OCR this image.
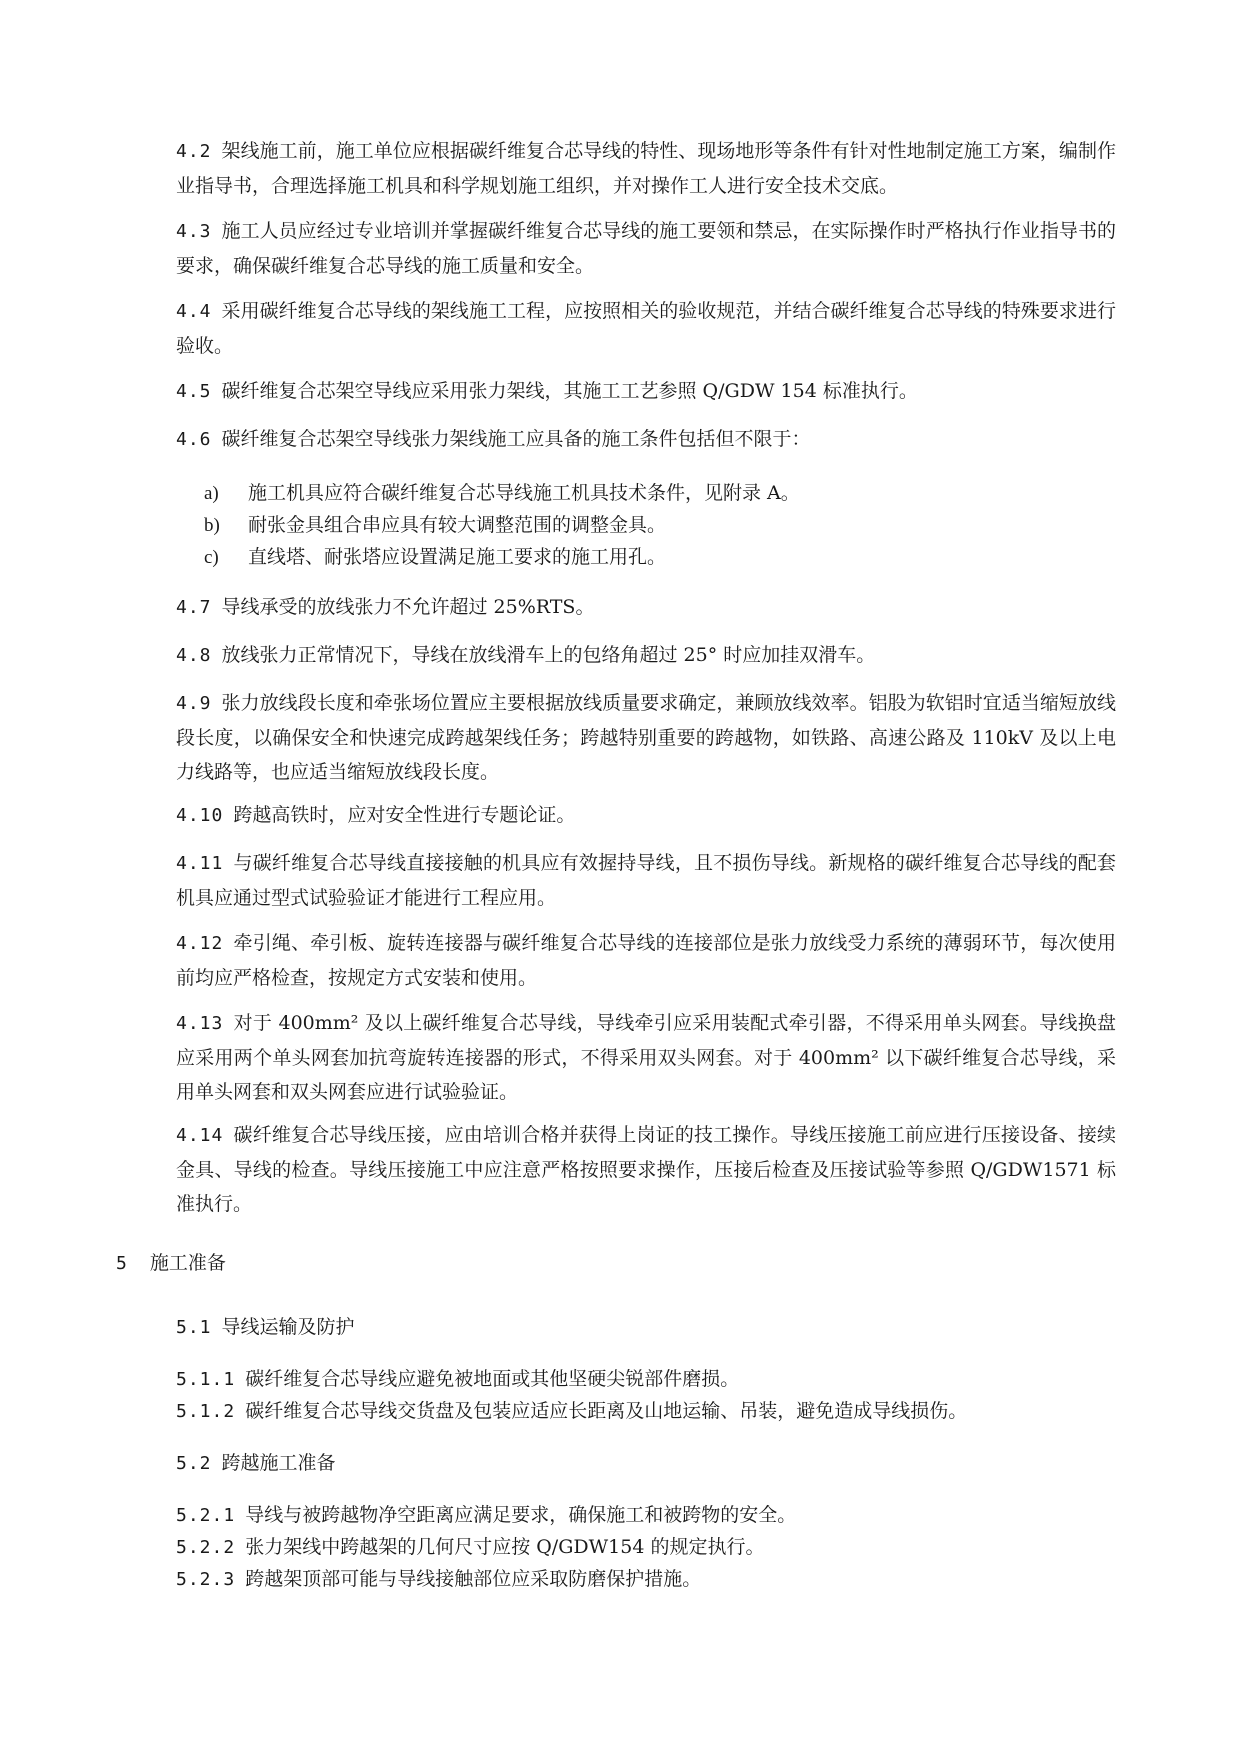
4.2 架线施工前，施工单位应根据碳纤维复合芯导线的特性、现场地形等条件有针对性地制定施工方案，编制作业指导书，合理选择施工机具和科学规划施工组织，并对操作工人进行安全技术交底。

4.3 施工人员应经过专业培训并掌握碳纤维复合芯导线的施工要领和禁忌，在实际操作时严格执行作业指导书的要求，确保碳纤维复合芯导线的施工质量和安全。

4.4 采用碳纤维复合芯导线的架线施工工程，应按照相关的验收规范，并结合碳纤维复合芯导线的特殊要求进行验收。

4.5 碳纤维复合芯架空导线应采用张力架线，其施工工艺参照 Q/GDW 154 标准执行。

4.6 碳纤维复合芯架空导线张力架线施工应具备的施工条件包括但不限于：

a) 施工机具应符合碳纤维复合芯导线施工机具技术条件，见附录 A。

b) 耐张金具组合串应具有较大调整范围的调整金具。

c) 直线塔、耐张塔应设置满足施工要求的施工用孔。

4.7 导线承受的放线张力不允许超过 25%RTS。

4.8 放线张力正常情况下，导线在放线滑车上的包络角超过 25° 时应加挂双滑车。

4.9 张力放线段长度和牵张场位置应主要根据放线质量要求确定，兼顾放线效率。铝股为软铝时宜适当缩短放线段长度，以确保安全和快速完成跨越架线任务；跨越特别重要的跨越物，如铁路、高速公路及 110kV 及以上电力线路等，也应适当缩短放线段长度。

4.10 跨越高铁时，应对安全性进行专题论证。

4.11 与碳纤维复合芯导线直接接触的机具应有效握持导线，且不损伤导线。新规格的碳纤维复合芯导线的配套机具应通过型式试验验证才能进行工程应用。

4.12 牵引绳、牵引板、旋转连接器与碳纤维复合芯导线的连接部位是张力放线受力系统的薄弱环节，每次使用前均应严格检查，按规定方式安装和使用。

4.13 对于 400mm² 及以上碳纤维复合芯导线，导线牵引应采用装配式牵引器，不得采用单头网套。导线换盘应采用两个单头网套加抗弯旋转连接器的形式，不得采用双头网套。对于 400mm² 以下碳纤维复合芯导线，采用单头网套和双头网套应进行试验验证。

4.14 碳纤维复合芯导线压接，应由培训合格并获得上岗证的技工操作。导线压接施工前应进行压接设备、接续金具、导线的检查。导线压接施工中应注意严格按照要求操作，压接后检查及压接试验等参照 Q/GDW1571 标准执行。

5 施工准备

5.1 导线运输及防护

5.1.1 碳纤维复合芯导线应避免被地面或其他坚硬尖锐部件磨损。

5.1.2 碳纤维复合芯导线交货盘及包装应适应长距离及山地运输、吊装，避免造成导线损伤。

5.2 跨越施工准备

5.2.1 导线与被跨越物净空距离应满足要求，确保施工和被跨物的安全。

5.2.2 张力架线中跨越架的几何尺寸应按 Q/GDW154 的规定执行。

5.2.3 跨越架顶部可能与导线接触部位应采取防磨保护措施。
